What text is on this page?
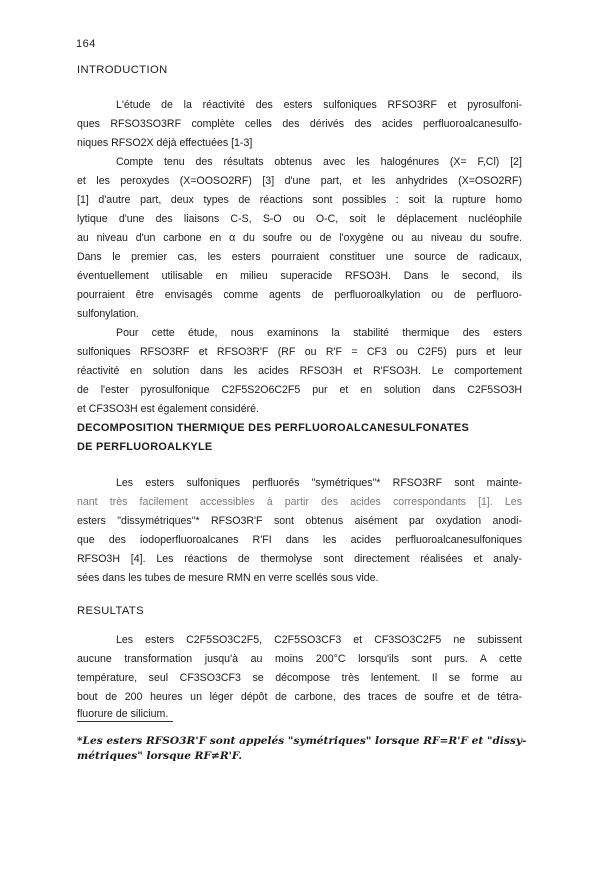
164
INTRODUCTION
L'étude de la réactivité des esters sulfoniques RFSO3RF et pyrosulfoni-
ques RFSO3SO3RF complète celles des dérivés des acides perfluoroalcanesulfo-
niques RFSO2X déjà effectuées [1-3]
Compte tenu des résultats obtenus avec les halogénures (X= F,Cl) [2]
et les peroxydes (X=OOSO2RF) [3] d'une part, et les anhydrides (X=OSO2RF)
[1] d'autre part, deux types de réactions sont possibles : soit la rupture homo
lytique d'une des liaisons C-S, S-O ou O-C, soit le déplacement nucléophile
au niveau d'un carbone en α du soufre ou de l'oxygène ou au niveau du soufre.
Dans le premier cas, les esters pourraient constituer une source de radicaux,
éventuellement utilisable en milieu superacide RFSO3H. Dans le second, ils
pourraient être envisagés comme agents de perfluoroalkylation ou de perfluoro-
sulfonylation.
Pour cette étude, nous examinons la stabilité thermique des esters
sulfoniques RFSO3RF et RFSO3R'F (RF ou R'F = CF3 ou C2F5) purs et leur
réactivité en solution dans les acides RFSO3H et R'FSO3H. Le comportement
de l'ester pyrosulfonique C2F5S2O6C2F5 pur et en solution dans C2F5SO3H
et CF3SO3H est également considéré.
DECOMPOSITION THERMIQUE DES PERFLUOROALCANESULFONATES
DE PERFLUOROALKYLE
Les esters sulfoniques perfluorés "symétriques"* RFSO3RF sont mainte-
nant très facilement accessibles à partir des acides correspondants [1]. Les
esters "dissymétriques"* RFSO3R'F sont obtenus aisément par oxydation anodi-
que des iodoperfluoroalcanes R'FI dans les acides perfluoroalcanesulfoniques
RFSO3H [4]. Les réactions de thermolyse sont directement réalisées et analy-
sées dans les tubes de mesure RMN en verre scellés sous vide.
RESULTATS
Les esters C2F5SO3C2F5, C2F5SO3CF3 et CF3SO3C2F5 ne subissent
aucune transformation jusqu'à au moins 200°C lorsqu'ils sont purs. A cette
température, seul CF3SO3CF3 se décompose très lentement. Il se forme au
bout de 200 heures un léger dépôt de carbone, des traces de soufre et de tétra-
fluorure de silicium.
*Les esters RFSO3R'F sont appelés "symétriques" lorsque RF=R'F et "dissy-
métriques" lorsque RF≠R'F.
